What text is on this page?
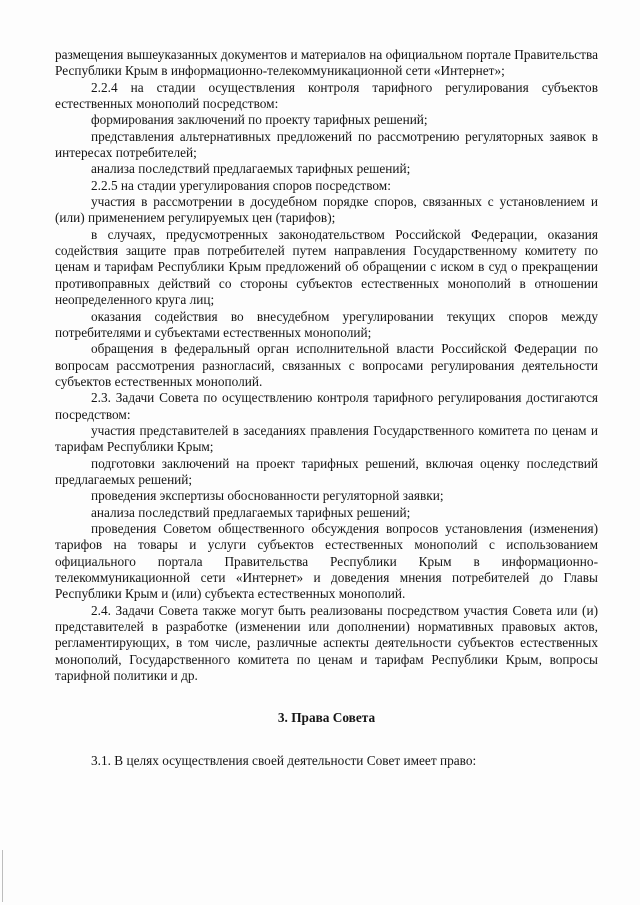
размещения вышеуказанных документов и материалов на официальном портале Правительства Республики Крым в информационно-телекоммуникационной сети «Интернет»;

2.2.4 на стадии осуществления контроля тарифного регулирования субъектов естественных монополий посредством:

формирования заключений по проекту тарифных решений;

представления альтернативных предложений по рассмотрению регуляторных заявок в интересах потребителей;

анализа последствий предлагаемых тарифных решений;

2.2.5 на стадии урегулирования споров посредством:

участия в рассмотрении в досудебном порядке споров, связанных с установлением и (или) применением регулируемых цен (тарифов);

в случаях, предусмотренных законодательством Российской Федерации, оказания содействия защите прав потребителей путем направления Государственному комитету по ценам и тарифам Республики Крым предложений об обращении с иском в суд о прекращении противоправных действий со стороны субъектов естественных монополий в отношении неопределенного круга лиц;

оказания содействия во внесудебном урегулировании текущих споров между потребителями и субъектами естественных монополий;

обращения в федеральный орган исполнительной власти Российской Федерации по вопросам рассмотрения разногласий, связанных с вопросами регулирования деятельности субъектов естественных монополий.

2.3. Задачи Совета по осуществлению контроля тарифного регулирования достигаются посредством:

участия представителей в заседаниях правления Государственного комитета по ценам и тарифам Республики Крым;

подготовки заключений на проект тарифных решений, включая оценку последствий предлагаемых решений;

проведения экспертизы обоснованности регуляторной заявки;

анализа последствий предлагаемых тарифных решений;

проведения Советом общественного обсуждения вопросов установления (изменения) тарифов на товары и услуги субъектов естественных монополий с использованием официального портала Правительства Республики Крым в информационно-телекоммуникационной сети «Интернет» и доведения мнения потребителей до Главы Республики Крым и (или) субъекта естественных монополий.

2.4. Задачи Совета также могут быть реализованы посредством участия Совета или (и) представителей в разработке (изменении или дополнении) нормативных правовых актов, регламентирующих, в том числе, различные аспекты деятельности субъектов естественных монополий, Государственного комитета по ценам и тарифам Республики Крым, вопросы тарифной политики и др.

3. Права Совета

3.1. В целях осуществления своей деятельности Совет имеет право:
